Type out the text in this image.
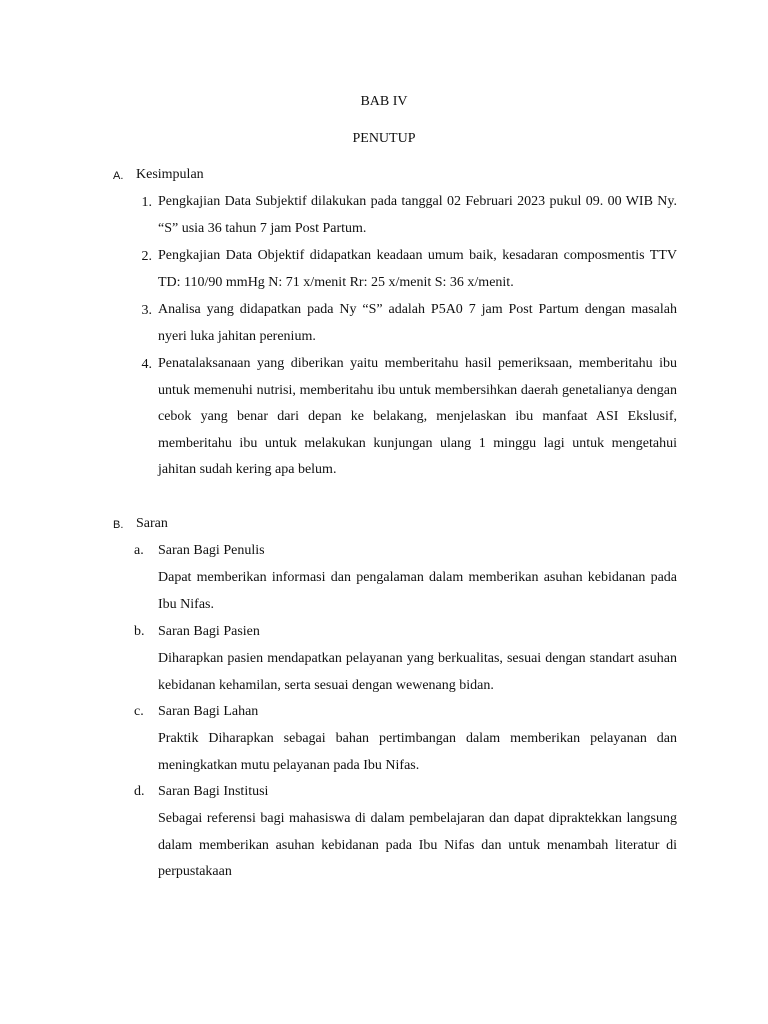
BAB IV
PENUTUP
A. Kesimpulan
1. Pengkajian Data Subjektif dilakukan pada tanggal 02 Februari 2023 pukul 09. 00 WIB Ny. “S” usia 36 tahun 7 jam Post Partum.
2. Pengkajian Data Objektif didapatkan keadaan umum baik, kesadaran composmentis TTV TD: 110/90 mmHg N: 71 x/menit Rr: 25 x/menit S: 36 x/menit.
3. Analisa yang didapatkan pada Ny “S” adalah P5A0 7 jam Post Partum dengan masalah nyeri luka jahitan perenium.
4. Penatalaksanaan yang diberikan yaitu memberitahu hasil pemeriksaan, memberitahu ibu untuk memenuhi nutrisi, memberitahu ibu untuk membersihkan daerah genetalianya dengan cebok yang benar dari depan ke belakang, menjelaskan ibu manfaat ASI Ekslusif, memberitahu ibu untuk melakukan kunjungan ulang 1 minggu lagi untuk mengetahui jahitan sudah kering apa belum.
B. Saran
a. Saran Bagi Penulis
Dapat memberikan informasi dan pengalaman dalam memberikan asuhan kebidanan pada Ibu Nifas.
b. Saran Bagi Pasien
Diharapkan pasien mendapatkan pelayanan yang berkualitas, sesuai dengan standart asuhan kebidanan kehamilan, serta sesuai dengan wewenang bidan.
c. Saran Bagi Lahan
Praktik Diharapkan sebagai bahan pertimbangan dalam memberikan pelayanan dan meningkatkan mutu pelayanan pada Ibu Nifas.
d. Saran Bagi Institusi
Sebagai referensi bagi mahasiswa di dalam pembelajaran dan dapat dipraktekkan langsung dalam memberikan asuhan kebidanan pada Ibu Nifas dan untuk menambah literatur di perpustakaan
